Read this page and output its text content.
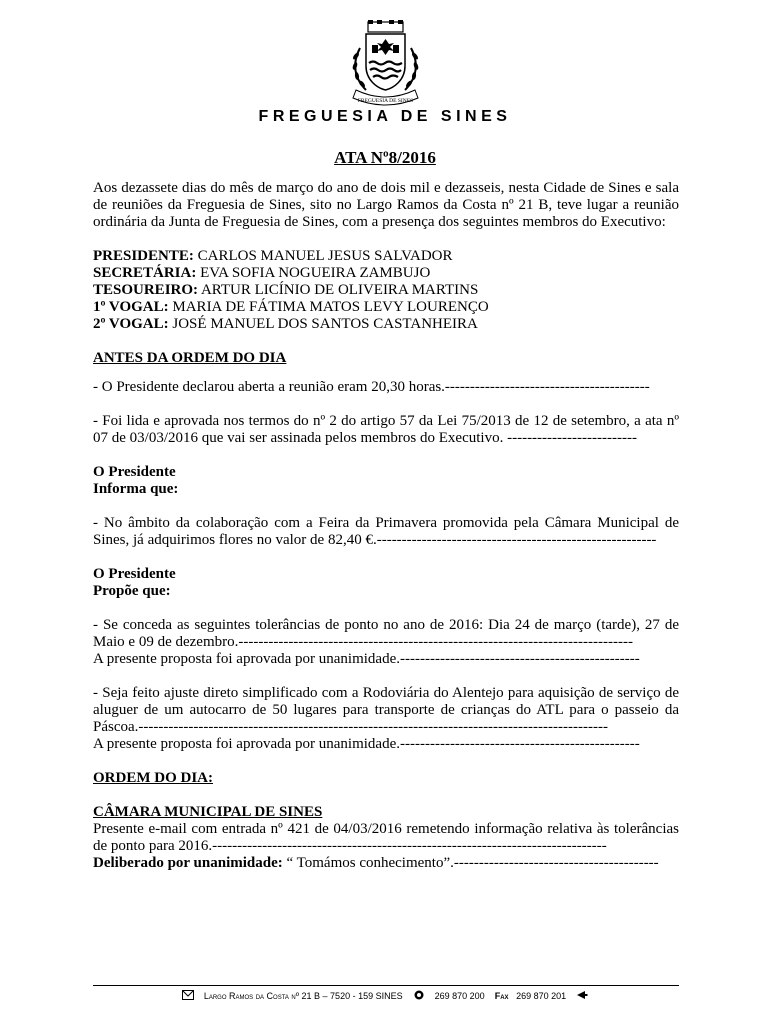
FREGUESIA DE SINES
FREGUESIA DE SINES
ATA Nº8/2016

Aos dezassete dias do mês de março do ano de dois mil e dezasseis, nesta Cidade de Sines e sala de reuniões da Freguesia de Sines, sito no Largo Ramos da Costa nº 21 B, teve lugar a reunião ordinária da Junta de Freguesia de Sines, com a presença dos seguintes membros do Executivo:

PRESIDENTE: CARLOS MANUEL JESUS SALVADOR
SECRETÁRIA: EVA SOFIA NOGUEIRA ZAMBUJO
TESOUREIRO: ARTUR LICÍNIO DE OLIVEIRA MARTINS
1º VOGAL: MARIA DE FÁTIMA MATOS LEVY LOURENÇO
2º VOGAL: JOSÉ MANUEL DOS SANTOS CASTANHEIRA
ANTES DA ORDEM DO DIA

- O Presidente declarou aberta a reunião eram 20,30 horas.-----------------------------------------

- Foi lida e aprovada nos termos do nº 2 do artigo 57 da Lei 75/2013 de 12 de setembro, a ata nº 07 de 03/03/2016 que vai ser assinada pelos membros do Executivo. --------------------------

O Presidente
Informa que:

- No âmbito da colaboração com a Feira da Primavera promovida pela Câmara Municipal de Sines, já adquirimos flores no valor de 82,40 €.--------------------------------------------------------

O Presidente
Propõe que:

- Se conceda as seguintes tolerâncias de ponto no ano de 2016: Dia 24 de março (tarde), 27 de Maio e 09 de dezembro.-------------------------------------------------------------------------------

A presente proposta foi aprovada por unanimidade.------------------------------------------------

- Seja feito ajuste direto simplificado com a Rodoviária do Alentejo para aquisição de serviço de aluguer de um autocarro de 50 lugares para transporte de crianças do ATL para o passeio da Páscoa.----------------------------------------------------------------------------------------------

A presente proposta foi aprovada por unanimidade.------------------------------------------------

ORDEM DO DIA:
CÂMARA MUNICIPAL DE SINES

Presente e-mail com entrada nº 421 de 04/03/2016 remetendo informação relativa às tolerâncias de ponto para 2016.-------------------------------------------------------------------------------

Deliberado por unanimidade: “ Tomámos conhecimento”.-----------------------------------------

Largo Ramos da Costa nº 21 B – 7520 - 159 SINES	269 870 200 Fax 269 870 201
